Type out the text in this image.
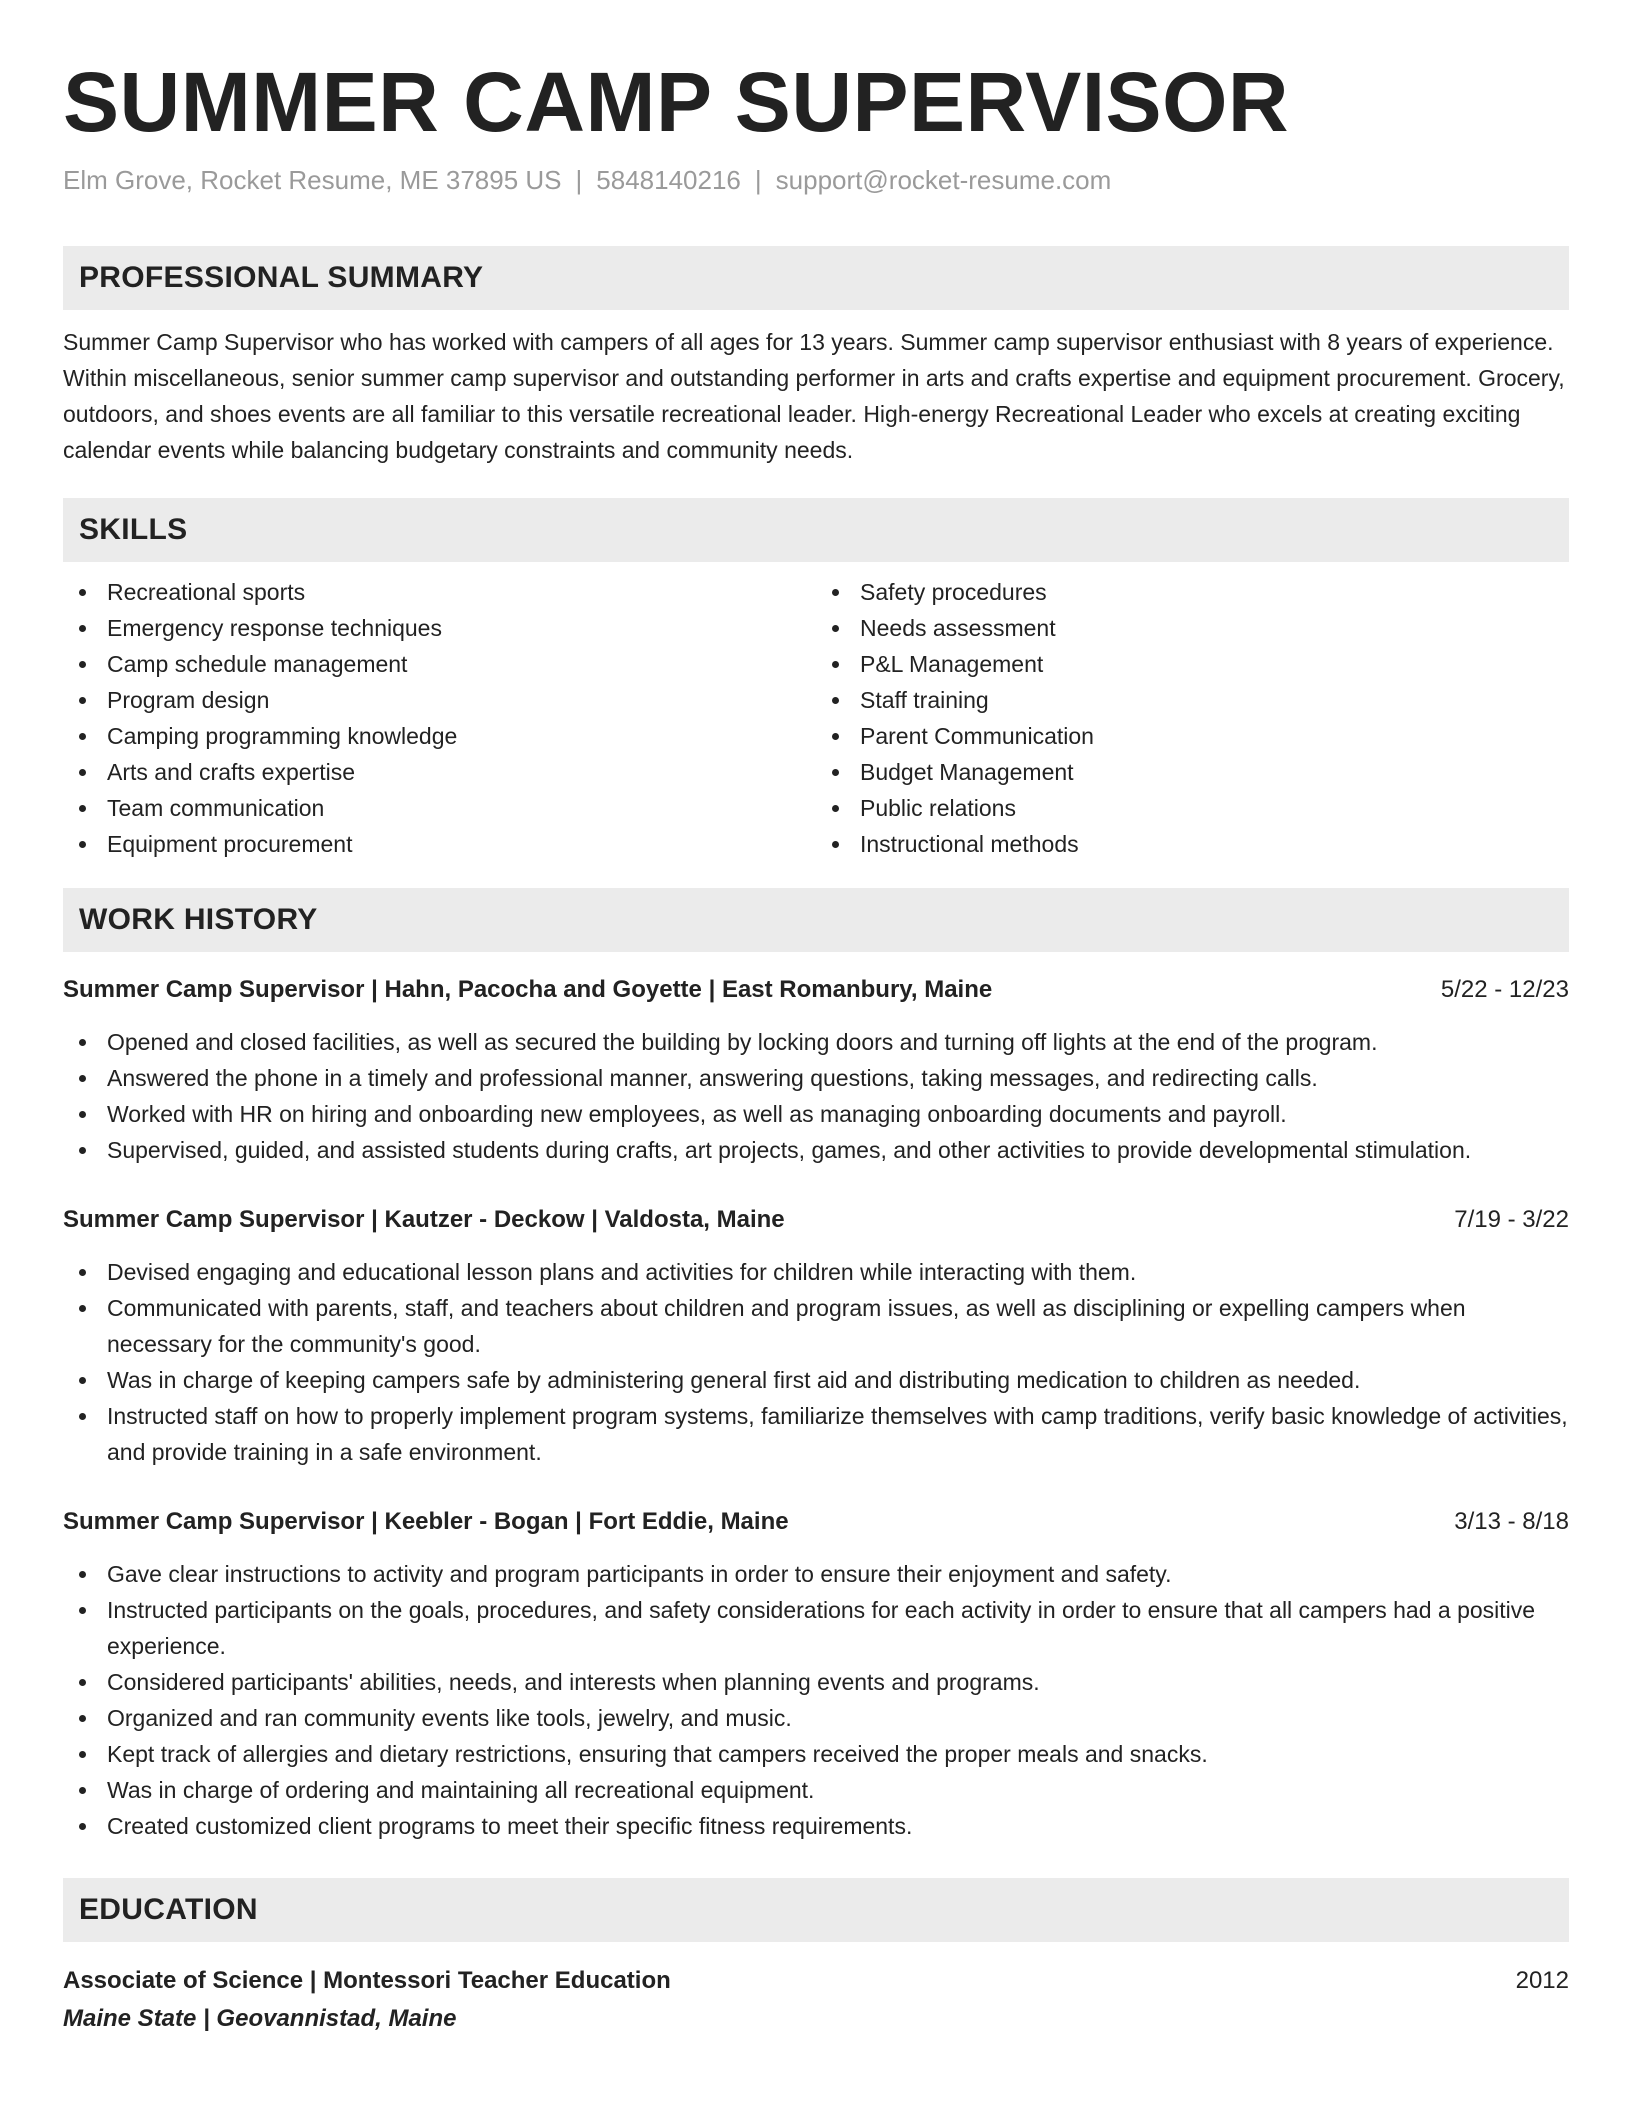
SUMMER CAMP SUPERVISOR
Elm Grove, Rocket Resume, ME 37895 US | 5848140216 | support@rocket-resume.com
PROFESSIONAL SUMMARY

Summer Camp Supervisor who has worked with campers of all ages for 13 years. Summer camp supervisor enthusiast with 8 years of experience. Within miscellaneous, senior summer camp supervisor and outstanding performer in arts and crafts expertise and equipment procurement. Grocery, outdoors, and shoes events are all familiar to this versatile recreational leader. High-energy Recreational Leader who excels at creating exciting calendar events while balancing budgetary constraints and community needs.

SKILLS
Recreational sports
Emergency response techniques
Camp schedule management
Program design
Camping programming knowledge
Arts and crafts expertise
Team communication
Equipment procurement
Safety procedures
Needs assessment
P&L Management
Staff training
Parent Communication
Budget Management
Public relations
Instructional methods
WORK HISTORY
Summer Camp Supervisor | Hahn, Pacocha and Goyette | East Romanbury, Maine	5/22 - 12/23
Opened and closed facilities, as well as secured the building by locking doors and turning off lights at the end of the program.
Answered the phone in a timely and professional manner, answering questions, taking messages, and redirecting calls.
Worked with HR on hiring and onboarding new employees, as well as managing onboarding documents and payroll.
Supervised, guided, and assisted students during crafts, art projects, games, and other activities to provide developmental stimulation.
Summer Camp Supervisor | Kautzer - Deckow | Valdosta, Maine	7/19 - 3/22
Devised engaging and educational lesson plans and activities for children while interacting with them.
Communicated with parents, staff, and teachers about children and program issues, as well as disciplining or expelling campers when necessary for the community's good.
Was in charge of keeping campers safe by administering general first aid and distributing medication to children as needed.
Instructed staff on how to properly implement program systems, familiarize themselves with camp traditions, verify basic knowledge of activities, and provide training in a safe environment.
Summer Camp Supervisor | Keebler - Bogan | Fort Eddie, Maine	3/13 - 8/18
Gave clear instructions to activity and program participants in order to ensure their enjoyment and safety.
Instructed participants on the goals, procedures, and safety considerations for each activity in order to ensure that all campers had a positive experience.
Considered participants' abilities, needs, and interests when planning events and programs.
Organized and ran community events like tools, jewelry, and music.
Kept track of allergies and dietary restrictions, ensuring that campers received the proper meals and snacks.
Was in charge of ordering and maintaining all recreational equipment.
Created customized client programs to meet their specific fitness requirements.
EDUCATION
Associate of Science | Montessori Teacher Education	2012
Maine State | Geovannistad, Maine
